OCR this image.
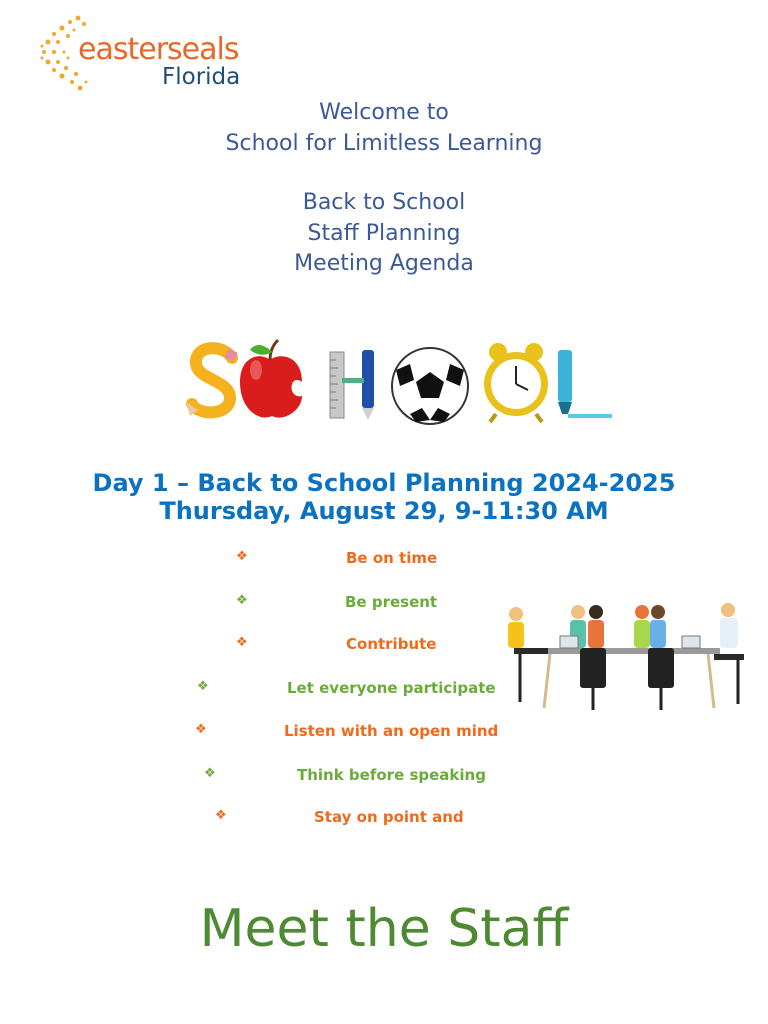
easterseals
Florida
Welcome to
School for Limitless Learning
Back to School
Staff Planning
Meeting Agenda
Day 1 – Back to School Planning 2024-2025
Thursday, August 29, 9-11:30 AM
❖	Be on time
❖	Be present
❖	Contribute
❖	Let everyone participate
❖	Listen with an open mind
❖	Think before speaking
❖	Stay on point and
Meet the Staff
